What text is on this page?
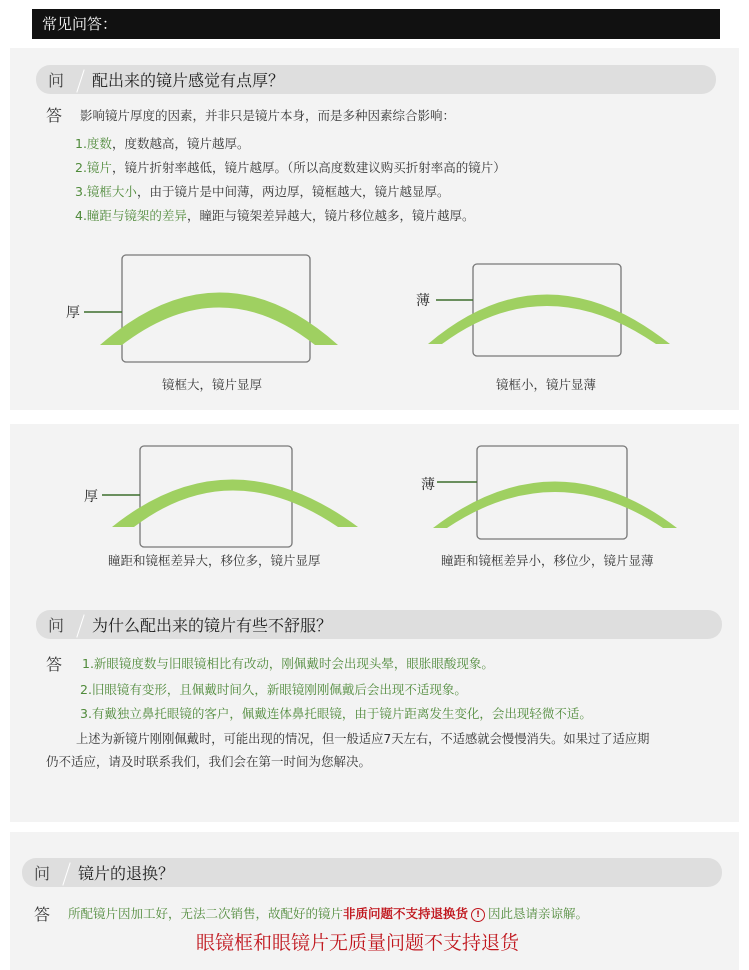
常见问答：
问	配出来的镜片感觉有点厚？
答 影响镜片厚度的因素，并非只是镜片本身，而是多种因素综合影响：
1.度数，度数越高，镜片越厚。
2.镜片，镜片折射率越低，镜片越厚。（所以高度数建议购买折射率高的镜片）
3.镜框大小，由于镜片是中间薄，两边厚，镜框越大，镜片越显厚。
4.瞳距与镜架的差异，瞳距与镜架差异越大，镜片移位越多，镜片越厚。
厚
镜框大，镜片显厚
薄
镜框小，镜片显薄
厚
瞳距和镜框差异大，移位多，镜片显厚
薄
瞳距和镜框差异小，移位少，镜片显薄
问	为什么配出来的镜片有些不舒服？
答 1.新眼镜度数与旧眼镜相比有改动，刚佩戴时会出现头晕，眼胀眼酸现象。
2.旧眼镜有变形，且佩戴时间久，新眼镜刚刚佩戴后会出现不适现象。
3.有戴独立鼻托眼镜的客户，佩戴连体鼻托眼镜，由于镜片距离发生变化，会出现轻微不适。
上述为新镜片刚刚佩戴时，可能出现的情况，但一般适应7天左右，不适感就会慢慢消失。如果过了适应期
仍不适应，请及时联系我们，我们会在第一时间为您解决。
问	镜片的退换？
答 所配镜片因加工好，无法二次销售，故配好的镜片非质问题不支持退换货 ! 因此恳请亲谅解。
眼镜框和眼镜片无质量问题不支持退货
